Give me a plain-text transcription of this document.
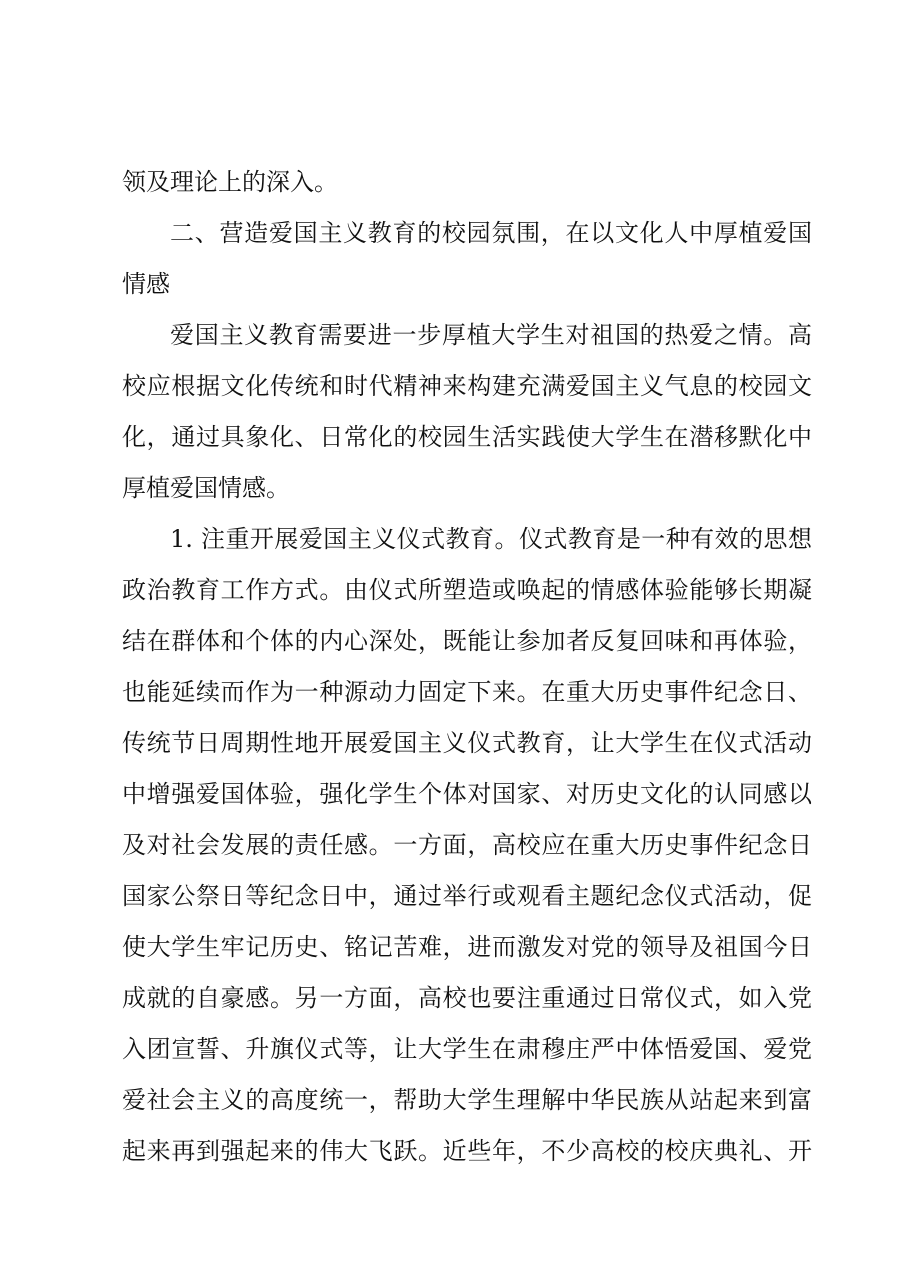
领及理论上的深入。
二、营造爱国主义教育的校园氛围，在以文化人中厚植爱国
情感
爱国主义教育需要进一步厚植大学生对祖国的热爱之情。高
校应根据文化传统和时代精神来构建充满爱国主义气息的校园文
化，通过具象化、日常化的校园生活实践使大学生在潜移默化中
厚植爱国情感。
1. 注重开展爱国主义仪式教育。仪式教育是一种有效的思想
政治教育工作方式。由仪式所塑造或唤起的情感体验能够长期凝
结在群体和个体的内心深处，既能让参加者反复回味和再体验，
也能延续而作为一种源动力固定下来。在重大历史事件纪念日、
传统节日周期性地开展爱国主义仪式教育，让大学生在仪式活动
中增强爱国体验，强化学生个体对国家、对历史文化的认同感以
及对社会发展的责任感。一方面，高校应在重大历史事件纪念日
国家公祭日等纪念日中，通过举行或观看主题纪念仪式活动，促
使大学生牢记历史、铭记苦难，进而激发对党的领导及祖国今日
成就的自豪感。另一方面，高校也要注重通过日常仪式，如入党
入团宣誓、升旗仪式等，让大学生在肃穆庄严中体悟爱国、爱党
爱社会主义的高度统一，帮助大学生理解中华民族从站起来到富
起来再到强起来的伟大飞跃。近些年，不少高校的校庆典礼、开
